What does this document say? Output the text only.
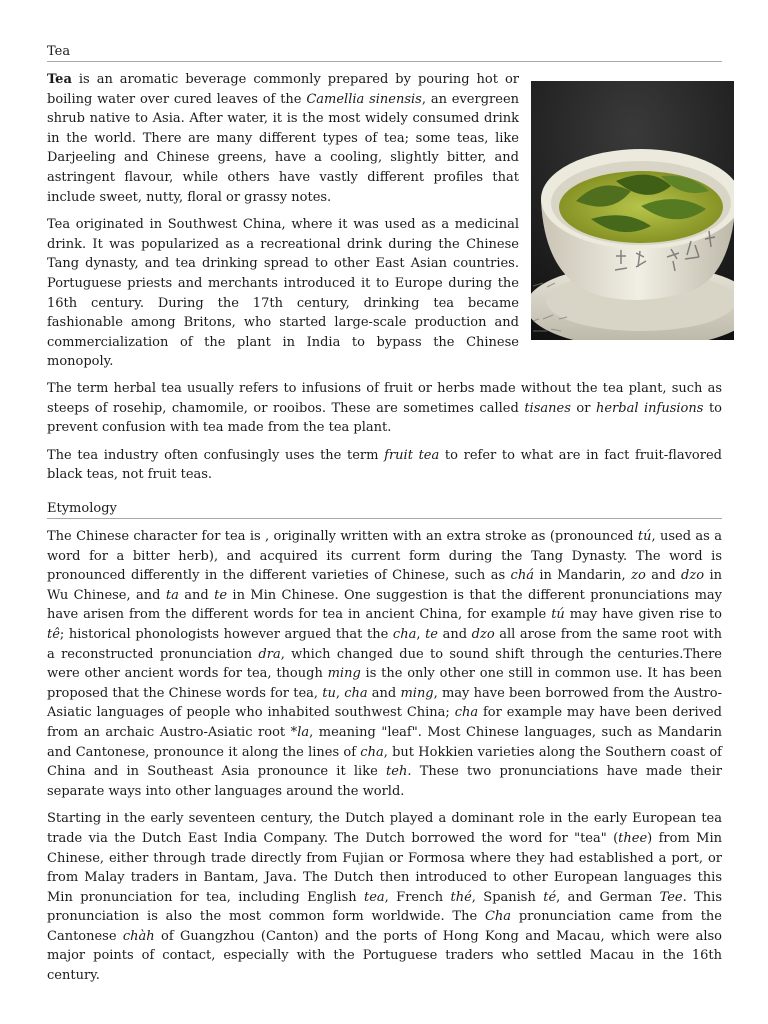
Tea

Tea is an aromatic beverage commonly prepared by pouring hot or boiling water over cured leaves of the Camellia sinensis, an evergreen shrub native to Asia. After water, it is the most widely consumed drink in the world. There are many different types of tea; some teas, like Darjeeling and Chinese greens, have a cooling, slightly bitter, and astringent flavour, while others have vastly different profiles that include sweet, nutty, floral or grassy notes.

Tea originated in Southwest China, where it was used as a medicinal drink. It was popularized as a recreational drink during the Chinese Tang dynasty, and tea drinking spread to other East Asian countries. Portuguese priests and merchants introduced it to Europe during the 16th century. During the 17th century, drinking tea became fashionable among Britons, who started large-scale production and commercialization of the plant in India to bypass the Chinese monopoly.

The term herbal tea usually refers to infusions of fruit or herbs made without the tea plant, such as steeps of rosehip, chamomile, or rooibos. These are sometimes called tisanes or herbal infusions to prevent confusion with tea made from the tea plant.

The tea industry often confusingly uses the term fruit tea to refer to what are in fact fruit-flavored black teas, not fruit teas.

Etymology

The Chinese character for tea is , originally written with an extra stroke as (pronounced tú, used as a word for a bitter herb), and acquired its current form during the Tang Dynasty. The word is pronounced differently in the different varieties of Chinese, such as chá in Mandarin, zo and dzo in Wu Chinese, and ta and te in Min Chinese. One suggestion is that the different pronunciations may have arisen from the different words for tea in ancient China, for example tú may have given rise to tê; historical phonologists however argued that the cha, te and dzo all arose from the same root with a reconstructed pronunciation dra, which changed due to sound shift through the centuries.There were other ancient words for tea, though ming is the only other one still in common use. It has been proposed that the Chinese words for tea, tu, cha and ming, may have been borrowed from the Austro-Asiatic languages of people who inhabited southwest China; cha for example may have been derived from an archaic Austro-Asiatic root *la, meaning "leaf". Most Chinese languages, such as Mandarin and Cantonese, pronounce it along the lines of cha, but Hokkien varieties along the Southern coast of China and in Southeast Asia pronounce it like teh. These two pronunciations have made their separate ways into other languages around the world.

Starting in the early seventeen century, the Dutch played a dominant role in the early European tea trade via the Dutch East India Company. The Dutch borrowed the word for "tea" (thee) from Min Chinese, either through trade directly from Fujian or Formosa where they had established a port, or from Malay traders in Bantam, Java. The Dutch then introduced to other European languages this Min pronunciation for tea, including English tea, French thé, Spanish té, and German Tee. This pronunciation is also the most common form worldwide. The Cha pronunciation came from the Cantonese chàh of Guangzhou (Canton) and the ports of Hong Kong and Macau, which were also major points of contact, especially with the Portuguese traders who settled Macau in the 16th century.
